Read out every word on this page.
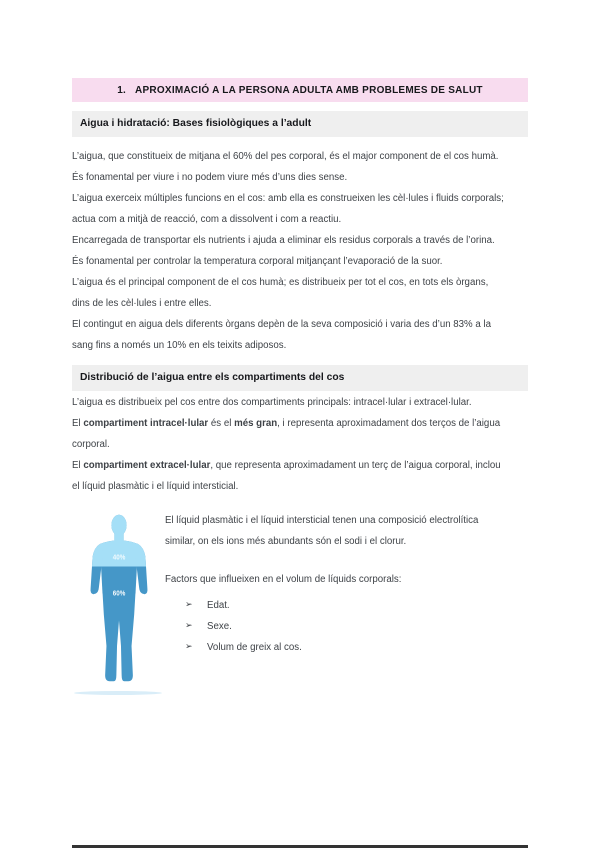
1. APROXIMACIÓ A LA PERSONA ADULTA AMB PROBLEMES DE SALUT
Aigua i hidratació: Bases fisiològiques a l’adult
L’aigua, que constitueix de mitjana el 60% del pes corporal, és el major component de el cos humà.
És fonamental per viure i no podem viure més d’uns dies sense.
L’aigua exerceix múltiples funcions en el cos: amb ella es construeixen les cèl·lules i fluids corporals;
actua com a mitjà de reacció, com a dissolvent i com a reactiu.
Encarregada de transportar els nutrients i ajuda a eliminar els residus corporals a través de l’orina.
És fonamental per controlar la temperatura corporal mitjançant l’evaporació de la suor.
L’aigua és el principal component de el cos humà; es distribueix per tot el cos, en tots els òrgans,
dins de les cèl·lules i entre elles.
El contingut en aigua dels diferents òrgans depèn de la seva composició i varia des d’un 83% a la
sang fins a només un 10% en els teixits adiposos.
Distribució de l’aigua entre els compartiments del cos
L’aigua es distribueix pel cos entre dos compartiments principals: intracel·lular i extracel·lular.
El compartiment intracel·lular és el més gran, i representa aproximadament dos terços de l’aigua
corporal.
El compartiment extracel·lular, que representa aproximadament un terç de l’aigua corporal, inclou
el líquid plasmàtic i el líquid intersticial.
40%
60%
El líquid plasmàtic i el líquid intersticial tenen una composició electrolítica
similar, on els ions més abundants són el sodi i el clorur.
Factors que influeixen en el volum de líquids corporals:
➢	Edat.
➢	Sexe.
➢	Volum de greix al cos.
